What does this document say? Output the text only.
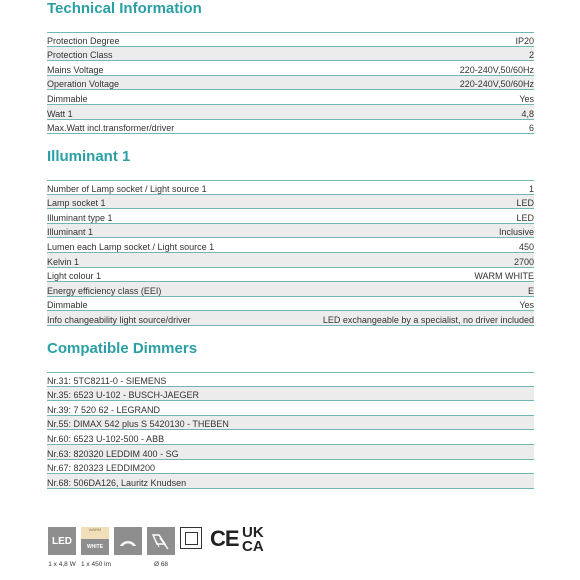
Technical Information
Protection Degree	IP20
Protection Class	2
Mains Voltage	220-240V,50/60Hz
Operation Voltage	220-240V,50/60Hz
Dimmable	Yes
Watt 1	4,8
Max.Watt incl.transformer/driver	6
Illuminant 1
Number of Lamp socket / Light source 1	1
Lamp socket 1	LED
Illuminant type 1	LED
Illuminant 1	Inclusive
Lumen each Lamp socket / Light source 1	450
Kelvin 1	2700
Light colour 1	WARM WHITE
Energy efficiency class (EEI)	E
Dimmable	Yes
Info changeability light source/driver	LED exchangeable by a specialist, no driver included
Compatible Dimmers
Nr.31: 5TC8211-0 - SIEMENS
Nr.35: 6523 U-102 - BUSCH-JAEGER
Nr.39: 7 520 62 - LEGRAND
Nr.55: DIMAX 542 plus S 5420130 - THEBEN
Nr.60: 6523 U-102-500 - ABB
Nr.63: 820320 LEDDIM 400 - SG
Nr.67: 820323 LEDDIM200
Nr.68: 506DA126, Lauritz Knudsen
LED
1 x 4,8 W
WARM
WHITE
1 x 450 lm	Ø 68
CE UK
CA
